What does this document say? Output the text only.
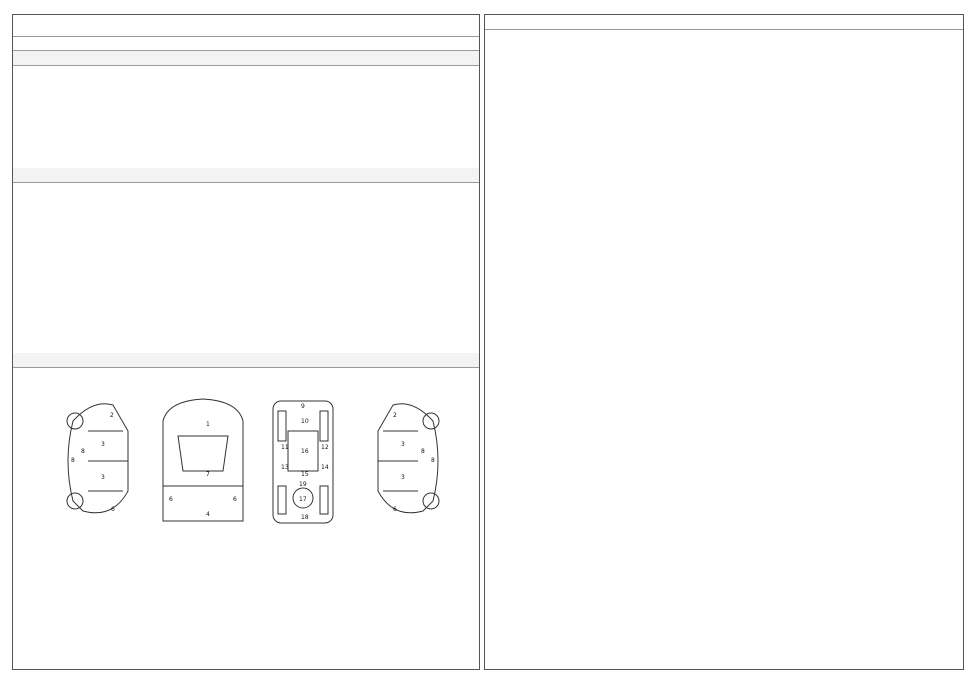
2
3
3
8
8
6
1
7
4
6	6
9
10
16
17
18
11	12
19
13	14
15
2
3
3
8
8
6
